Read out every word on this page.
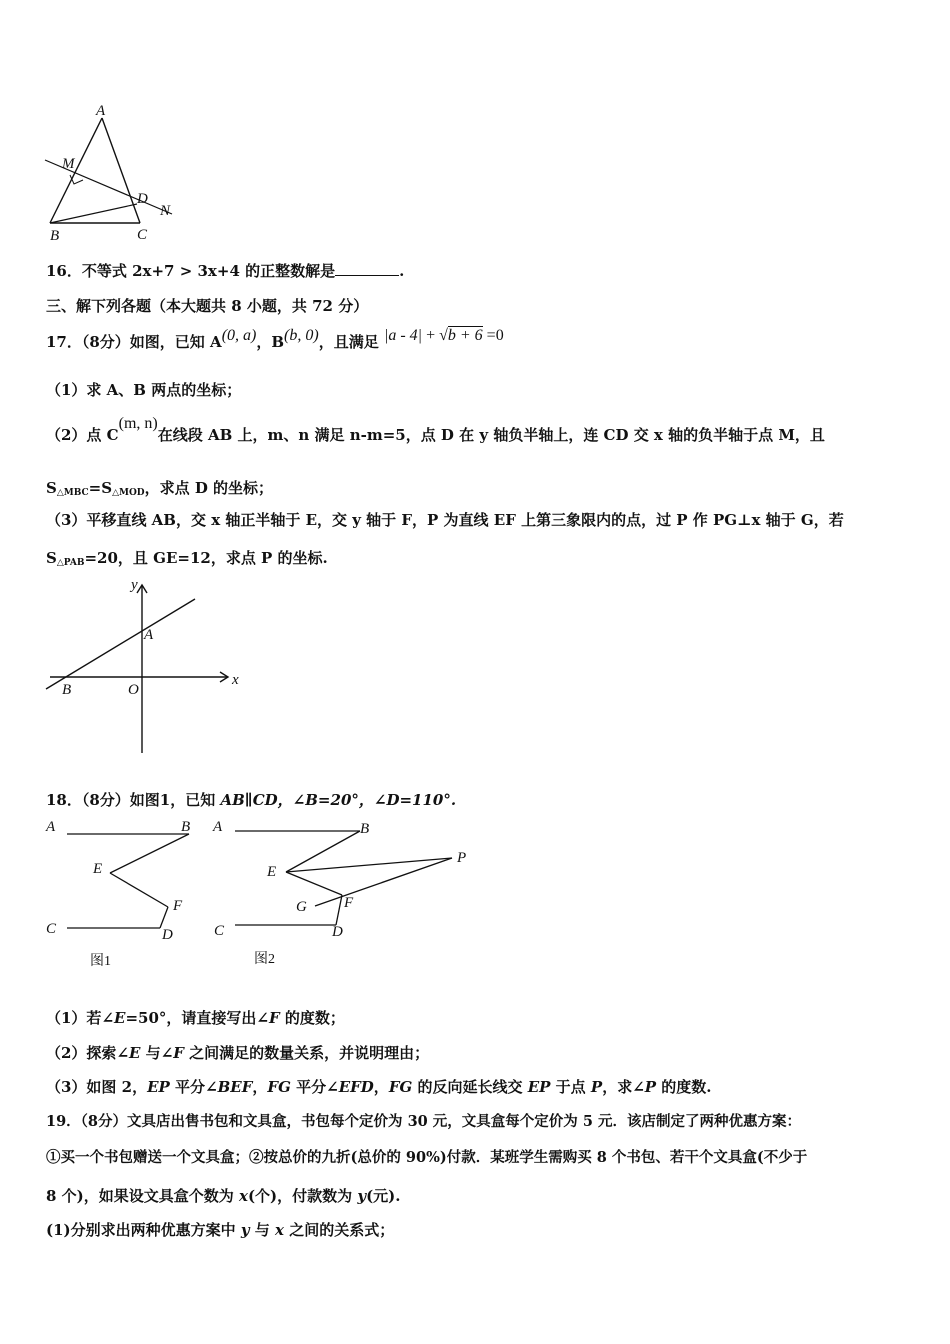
A
M
D
N
B	C
16．不等式 2x+7 > 3x+4 的正整数解是	.
三、解下列各题（本大题共 8 小题，共 72 分）
17．（8分）如图，已知 A(0, a)，B(b, 0)，且满足 |a - 4| + √b + 6 =0
（1）求 A、B 两点的坐标；
（2）点 C(m, n)在线段 AB 上，m、n 满足 n-m=5，点 D 在 y 轴负半轴上，连 CD 交 x 轴的负半轴于点 M，且
$S_{\triangle MBC}=S_{\triangle MOD}$，求点 D 的坐标；
（3）平移直线 AB，交 x 轴正半轴于 E，交 y 轴于 F，P 为直线 EF 上第三象限内的点，过 P 作 PG⊥x 轴于 G，若
$S_{\triangle PAB}=20$，且 GE=12，求点 P 的坐标.
y
x
A
B	O
18．（8分）如图1，已知 AB∥CD，∠B=20°，∠D=110°.
A	B
E
F
C	D
图1
A	B
E
P
G F
C	D
图2
（1）若∠E=50°，请直接写出∠F 的度数；
（2）探索∠E 与∠F 之间满足的数量关系，并说明理由；
（3）如图 2，EP 平分∠BEF，FG 平分∠EFD，FG 的反向延长线交 EP 于点 P，求∠P 的度数.
19．（8分）文具店出售书包和文具盒，书包每个定价为 30 元，文具盒每个定价为 5 元．该店制定了两种优惠方案：
①买一个书包赠送一个文具盒；②按总价的九折(总价的 90%)付款．某班学生需购买 8 个书包、若干个文具盒(不少于
8 个)，如果设文具盒个数为 x(个)，付款数为 y(元).
(1)分别求出两种优惠方案中 y 与 x 之间的关系式；
